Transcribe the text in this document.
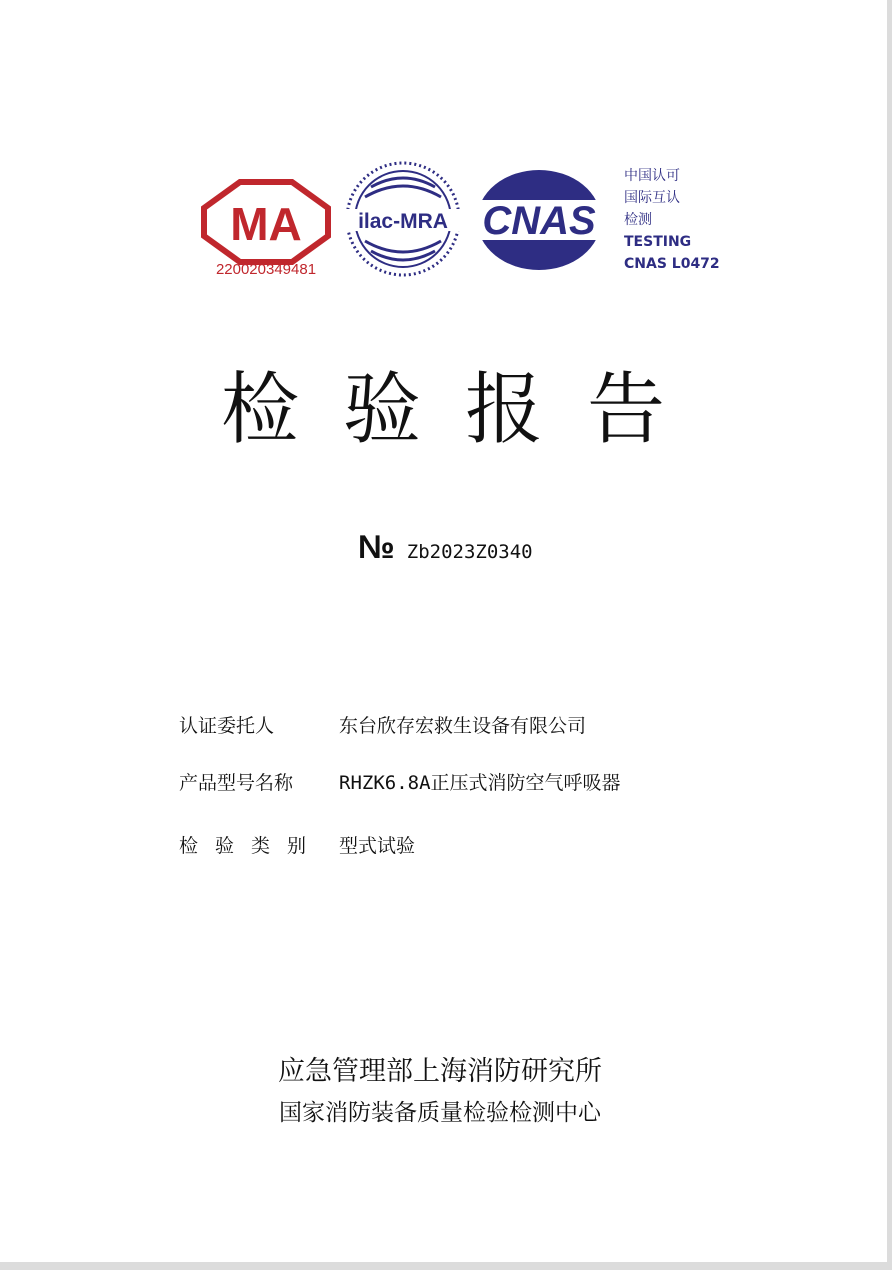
MA
220020349481
ilac-MRA CNAS
中国认可
国际互认
检测
TESTING
CNAS L0472
检验报告
№ Zb2023Z0340
认证委托人	东台欣存宏救生设备有限公司
产品型号名称	RHZK6.8A正压式消防空气呼吸器
检验类别 型式试验
应急管理部上海消防研究所
国家消防装备质量检验检测中心
